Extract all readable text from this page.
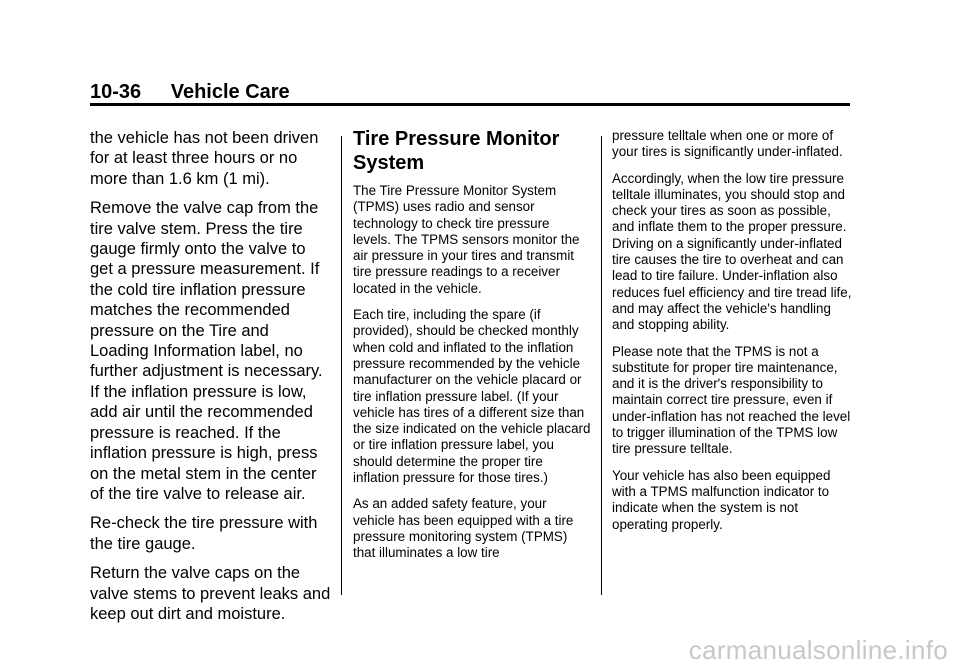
10-36 Vehicle Care

the vehicle has not been driven for at least three hours or no more than 1.6 km (1 mi).

Remove the valve cap from the tire valve stem. Press the tire gauge firmly onto the valve to get a pressure measurement. If the cold tire inflation pressure matches the recommended pressure on the Tire and Loading Information label, no further adjustment is necessary. If the inflation pressure is low, add air until the recommended pressure is reached. If the inflation pressure is high, press on the metal stem in the center of the tire valve to release air.

Re-check the tire pressure with the tire gauge.

Return the valve caps on the valve stems to prevent leaks and keep out dirt and moisture.

Tire Pressure Monitor System

The Tire Pressure Monitor System (TPMS) uses radio and sensor technology to check tire pressure levels. The TPMS sensors monitor the air pressure in your tires and transmit tire pressure readings to a receiver located in the vehicle.

Each tire, including the spare (if provided), should be checked monthly when cold and inflated to the inflation pressure recommended by the vehicle manufacturer on the vehicle placard or tire inflation pressure label. (If your vehicle has tires of a different size than the size indicated on the vehicle placard or tire inflation pressure label, you should determine the proper tire inflation pressure for those tires.)

As an added safety feature, your vehicle has been equipped with a tire pressure monitoring system (TPMS) that illuminates a low tire

pressure telltale when one or more of your tires is significantly under-inflated.

Accordingly, when the low tire pressure telltale illuminates, you should stop and check your tires as soon as possible, and inflate them to the proper pressure. Driving on a significantly under-inflated tire causes the tire to overheat and can lead to tire failure. Under-inflation also reduces fuel efficiency and tire tread life, and may affect the vehicle's handling and stopping ability.

Please note that the TPMS is not a substitute for proper tire maintenance, and it is the driver's responsibility to maintain correct tire pressure, even if under-inflation has not reached the level to trigger illumination of the TPMS low tire pressure telltale.

Your vehicle has also been equipped with a TPMS malfunction indicator to indicate when the system is not operating properly.

carmanualsonline.info
